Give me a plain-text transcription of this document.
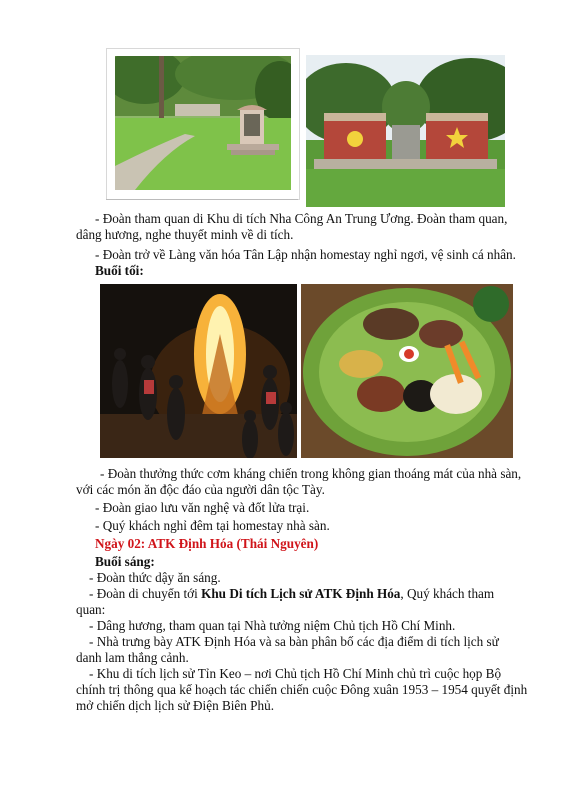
- Đoàn tham quan di Khu di tích Nha Công An Trung Ương. Đoàn tham quan,

dâng hương, nghe thuyết minh về di tích.

- Đoàn trở về Làng văn hóa Tân Lập nhận homestay nghỉ ngơi, vệ sinh cá nhân.

Buổi tối:

- Đoàn thưởng thức cơm kháng chiến trong không gian thoáng mát của nhà sàn,

với các món ăn độc đáo của người dân tộc Tày.

- Đoàn giao lưu văn nghệ và đốt lửa trại.

- Quý khách nghỉ đêm tại homestay nhà sàn.

Ngày 02: ATK Định Hóa (Thái Nguyên)

Buổi sáng:

- Đoàn thức dậy ăn sáng.

- Đoàn di chuyển tới Khu Di tích Lịch sử ATK Định Hóa, Quý khách tham

quan:

- Dâng hương, tham quan tại Nhà tưởng niệm Chủ tịch Hồ Chí Minh.

- Nhà trưng bày ATK Định Hóa và sa bàn phân bố các địa điểm di tích lịch sử

danh lam thắng cảnh.

- Khu di tích lịch sử Tỉn Keo – nơi Chủ tịch Hồ Chí Minh chủ trì cuộc họp Bộ

chính trị thông qua kế hoạch tác chiến chiến cuộc Đông xuân 1953 – 1954 quyết định

mở chiến dịch lịch sử Điện Biên Phủ.
